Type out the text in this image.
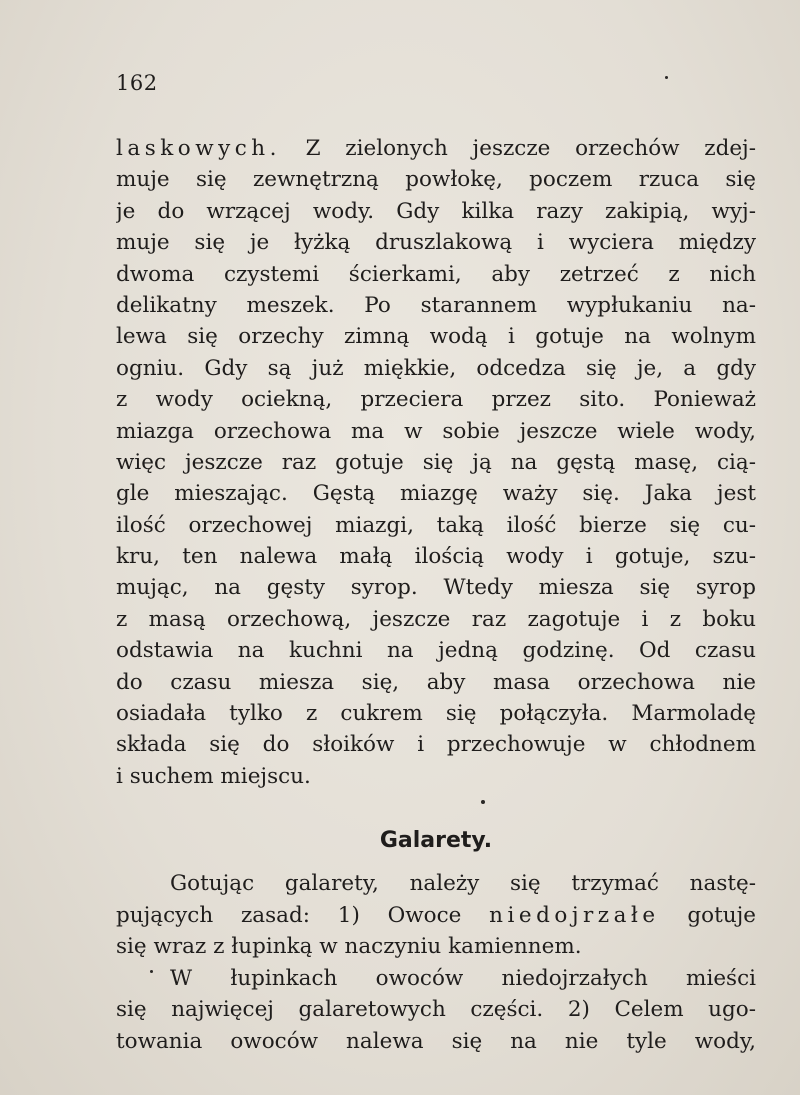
162
laskowych. Z zielonych jeszcze orzechów zdej-
muje się zewnętrzną powłokę, poczem rzuca się
je do wrzącej wody. Gdy kilka razy zakipią, wyj-
muje się je łyżką druszlakową i wyciera między
dwoma czystemi ścierkami, aby zetrzeć z nich
delikatny meszek. Po starannem wypłukaniu na-
lewa się orzechy zimną wodą i gotuje na wolnym
ogniu. Gdy są już miękkie, odcedza się je, a gdy
z wody ociekną, przeciera przez sito. Ponieważ
miazga orzechowa ma w sobie jeszcze wiele wody,
więc jeszcze raz gotuje się ją na gęstą masę, cią-
gle mieszając. Gęstą miazgę waży się. Jaka jest
ilość orzechowej miazgi, taką ilość bierze się cu-
kru, ten nalewa małą ilością wody i gotuje, szu-
mując, na gęsty syrop. Wtedy miesza się syrop
z masą orzechową, jeszcze raz zagotuje i z boku
odstawia na kuchni na jedną godzinę. Od czasu
do czasu miesza się, aby masa orzechowa nie
osiadała tylko z cukrem się połączyła. Marmoladę
składa się do słoików i przechowuje w chłodnem
i suchem miejscu.
Galarety.
Gotując galarety, należy się trzymać nastę-
pujących zasad: 1) Owoce niedojrzałe gotuje
się wraz z łupinką w naczyniu kamiennem.
W łupinkach owoców niedojrzałych mieści
się najwięcej galaretowych części. 2) Celem ugo-
towania owoców nalewa się na nie tyle wody,
